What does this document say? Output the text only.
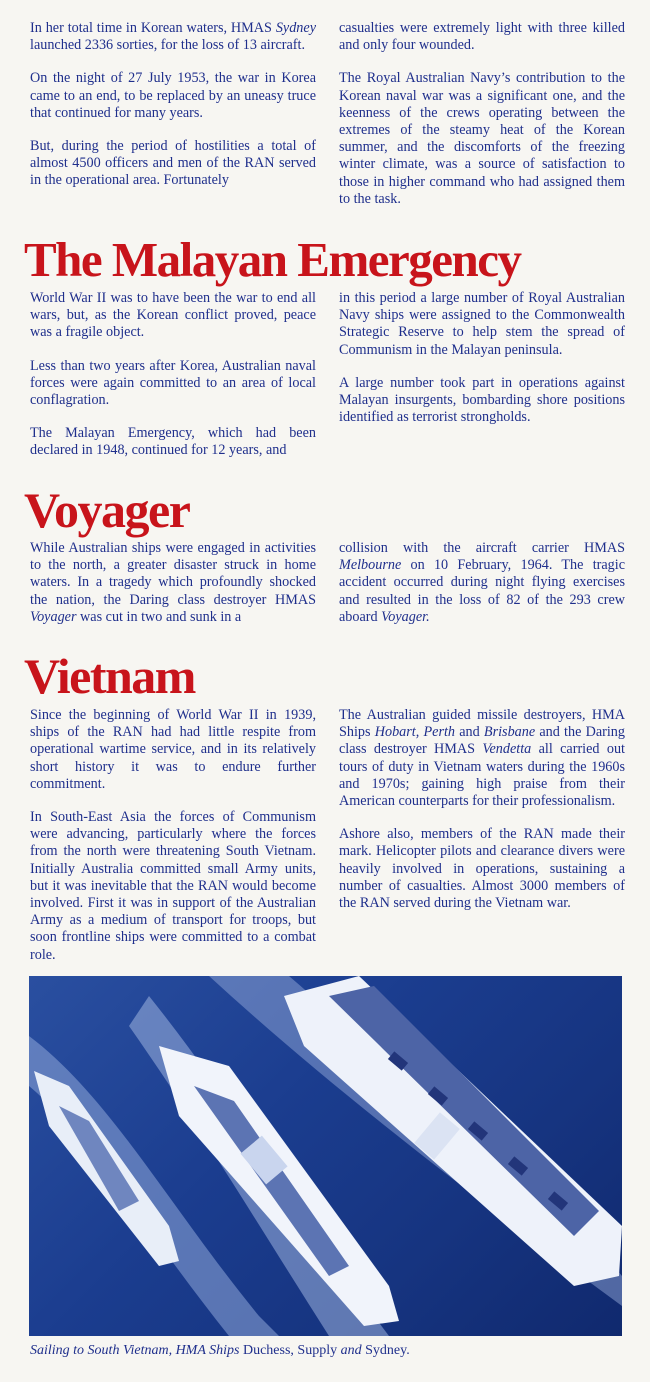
In her total time in Korean waters, HMAS Sydney launched 2336 sorties, for the loss of 13 aircraft.

On the night of 27 July 1953, the war in Korea came to an end, to be replaced by an uneasy truce that continued for many years.

But, during the period of hostilities a total of almost 4500 officers and men of the RAN served in the operational area. Fortunately

casualties were extremely light with three killed and only four wounded.

The Royal Australian Navy’s contribution to the Korean naval war was a significant one, and the keenness of the crews operating between the extremes of the steamy heat of the Korean summer, and the discomforts of the freezing winter climate, was a source of satisfaction to those in higher command who had assigned them to the task.

The Malayan Emergency

World War II was to have been the war to end all wars, but, as the Korean conflict proved, peace was a fragile object.

Less than two years after Korea, Australian naval forces were again committed to an area of local conflagration.

The Malayan Emergency, which had been declared in 1948, continued for 12 years, and

in this period a large number of Royal Australian Navy ships were assigned to the Commonwealth Strategic Reserve to help stem the spread of Communism in the Malayan peninsula.

A large number took part in operations against Malayan insurgents, bombarding shore positions identified as terrorist strongholds.

Voyager

While Australian ships were engaged in activities to the north, a greater disaster struck in home waters. In a tragedy which profoundly shocked the nation, the Daring class destroyer HMAS Voyager was cut in two and sunk in a

collision with the aircraft carrier HMAS Melbourne on 10 February, 1964. The tragic accident occurred during night flying exercises and resulted in the loss of 82 of the 293 crew aboard Voyager.

Vietnam

Since the beginning of World War II in 1939, ships of the RAN had had little respite from operational wartime service, and in its relatively short history it was to endure further commitment.

In South-East Asia the forces of Communism were advancing, particularly where the forces from the north were threatening South Vietnam. Initially Australia committed small Army units, but it was inevitable that the RAN would become involved. First it was in support of the Australian Army as a medium of transport for troops, but soon frontline ships were committed to a combat role.

The Australian guided missile destroyers, HMA Ships Hobart, Perth and Brisbane and the Daring class destroyer HMAS Vendetta all carried out tours of duty in Vietnam waters during the 1960s and 1970s; gaining high praise from their American counterparts for their professionalism.

Ashore also, members of the RAN made their mark. Helicopter pilots and clearance divers were heavily involved in operations, sustaining a number of casualties. Almost 3000 members of the RAN served during the Vietnam war.

Sailing to South Vietnam, HMA Ships Duchess, Supply and Sydney.
